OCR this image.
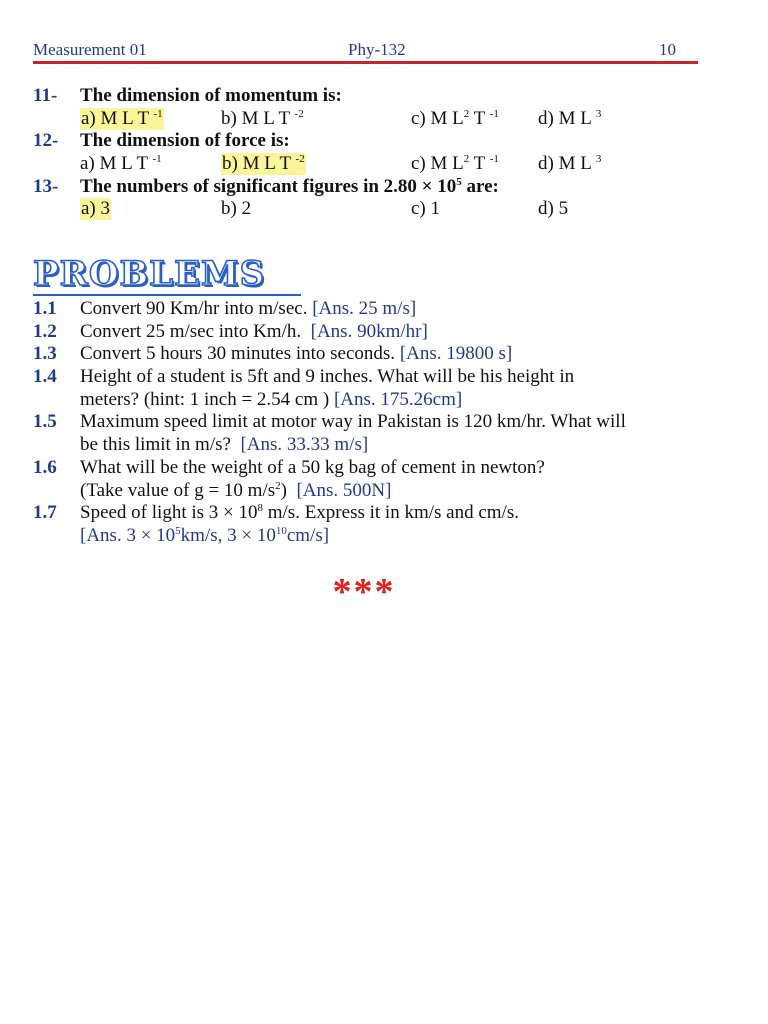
Measurement 01	Phy-132	10
11- The dimension of momentum is:
a) M L T $^{-1}$	b) M L T $^{-2}$	c) M $L^2$ T $^{-1}$ d) M L $^3$
12- The dimension of force is:
a) M L T $^{-1}$	b) M L T $^{-2}$	c) M $L^2$ T $^{-1}$ d) M L $^3$
13- The numbers of significant figures in $2.80 \times 10^5$ are:
a) 3	b) 2	c) 1	d) 5
PROBLEMS
1.1 Convert 90 Km/hr into m/sec. [Ans. 25 m/s]
1.2 Convert 25 m/sec into Km/h. [Ans. 90km/hr]
1.3 Convert 5 hours 30 minutes into seconds. [Ans. 19800 s]
1.4 Height of a student is 5ft and 9 inches. What will be his height in
meters? (hint: 1 inch = 2.54 cm ) [Ans. 175.26cm]
1.5 Maximum speed limit at motor way in Pakistan is 120 km/hr. What will
be this limit in m/s? [Ans. 33.33 m/s]
1.6 What will be the weight of a 50 kg bag of cement in newton?
(Take value of g = 10 $m/s^2$) [Ans. 500N]
1.7 Speed of light is $3 \times 10^8$ m/s. Express it in km/s and cm/s.
[Ans. $3 \times 10^5km/s$, $3 \times 10^{10}cm/s$]
***
